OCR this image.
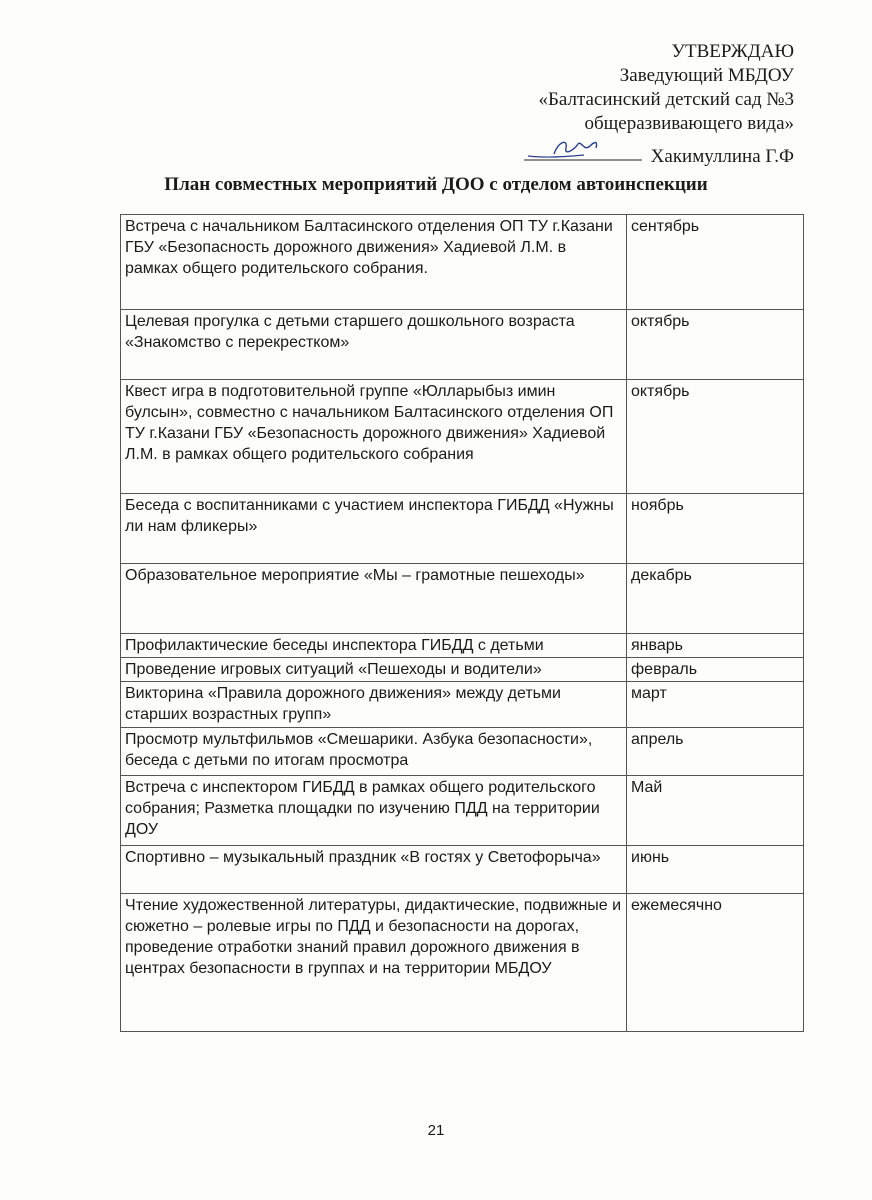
УТВЕРЖДАЮ
Заведующий МБДОУ
«Балтасинский детский сад №3
общеразвивающего вида»
Хакимуллина Г.Ф
План совместных мероприятий ДОО с отделом автоинспекции
Встреча с начальником Балтасинского отделения ОП ТУ г.Казани ГБУ «Безопасность дорожного движения» Хадиевой Л.М. в рамках общего родительского собрания.	сентябрь
Целевая прогулка с детьми старшего дошкольного возраста «Знакомство с перекрестком»	октябрь
Квест игра в подготовительной группе «Юлларыбыз имин булсын», совместно с начальником Балтасинского отделения ОП ТУ г.Казани ГБУ «Безопасность дорожного движения» Хадиевой Л.М. в рамках общего родительского собрания	октябрь
Беседа с воспитанниками с участием инспектора ГИБДД «Нужны ли нам фликеры»	ноябрь
Образовательное мероприятие «Мы – грамотные пешеходы»	декабрь
Профилактические беседы инспектора ГИБДД с детьми	январь
Проведение игровых ситуаций «Пешеходы и водители»	февраль
Викторина «Правила дорожного движения» между детьми старших возрастных групп»	март
Просмотр мультфильмов «Смешарики. Азбука безопасности», беседа с детьми по итогам просмотра	апрель
Встреча с инспектором ГИБДД в рамках общего родительского собрания; Разметка площадки по изучению ПДД на территории ДОУ	Май
Спортивно – музыкальный праздник «В гостях у Светофорыча»	июнь
Чтение художественной литературы, дидактические, подвижные и сюжетно – ролевые игры по ПДД и безопасности на дорогах, проведение отработки знаний правил дорожного движения в центрах безопасности в группах и на территории МБДОУ	ежемесячно
21
